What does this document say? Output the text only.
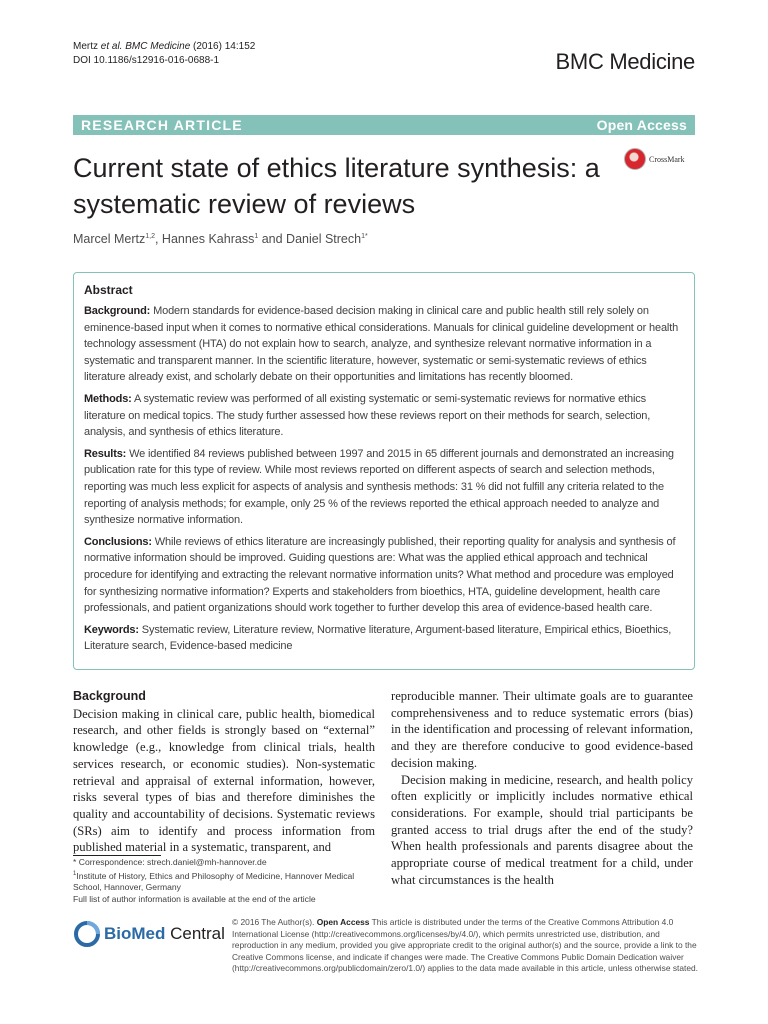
Mertz et al. BMC Medicine (2016) 14:152
DOI 10.1186/s12916-016-0688-1	BMC Medicine
RESEARCH ARTICLE	Open Access
Current state of ethics literature synthesis: a systematic review of reviews
CrossMark
Marcel Mertz$^{1,2}$, Hannes Kahrass$^1$ and Daniel Strech$^{1*}$
Abstract
Background: Modern standards for evidence-based decision making in clinical care and public health still rely solely on eminence-based input when it comes to normative ethical considerations. Manuals for clinical guideline development or health technology assessment (HTA) do not explain how to search, analyze, and synthesize relevant normative information in a systematic and transparent manner. In the scientific literature, however, systematic or semi-systematic reviews of ethics literature already exist, and scholarly debate on their opportunities and limitations has recently bloomed.
Methods: A systematic review was performed of all existing systematic or semi-systematic reviews for normative ethics literature on medical topics. The study further assessed how these reviews report on their methods for search, selection, analysis, and synthesis of ethics literature.
Results: We identified 84 reviews published between 1997 and 2015 in 65 different journals and demonstrated an increasing publication rate for this type of review. While most reviews reported on different aspects of search and selection methods, reporting was much less explicit for aspects of analysis and synthesis methods: 31 % did not fulfill any criteria related to the reporting of analysis methods; for example, only 25 % of the reviews reported the ethical approach needed to analyze and synthesize normative information.
Conclusions: While reviews of ethics literature are increasingly published, their reporting quality for analysis and synthesis of normative information should be improved. Guiding questions are: What was the applied ethical approach and technical procedure for identifying and extracting the relevant normative information units? What method and procedure was employed for synthesizing normative information? Experts and stakeholders from bioethics, HTA, guideline development, health care professionals, and patient organizations should work together to further develop this area of evidence-based health care.
Keywords: Systematic review, Literature review, Normative literature, Argument-based literature, Empirical ethics, Bioethics, Literature search, Evidence-based medicine
Background
Decision making in clinical care, public health, biomedical research, and other fields is strongly based on “external” knowledge (e.g., knowledge from clinical trials, health services research, or economic studies). Non-systematic retrieval and appraisal of external information, however, risks several types of bias and therefore diminishes the quality and accountability of decisions. Systematic reviews (SRs) aim to identify and process information from published material in a systematic, transparent, and
reproducible manner. Their ultimate goals are to guarantee comprehensiveness and to reduce systematic errors (bias) in the identification and processing of relevant information, and they are therefore conducive to good evidence-based decision making.
Decision making in medicine, research, and health policy often explicitly or implicitly includes normative ethical considerations. For example, should trial participants be granted access to trial drugs after the end of the study? When health professionals and parents disagree about the appropriate course of medical treatment for a child, under what circumstances is the health
* Correspondence: strech.daniel@mh-hannover.de
$^1$Institute of History, Ethics and Philosophy of Medicine, Hannover Medical School, Hannover, Germany
Full list of author information is available at the end of the article
BioMed Central
© 2016 The Author(s). Open Access This article is distributed under the terms of the Creative Commons Attribution 4.0 International License (http://creativecommons.org/licenses/by/4.0/), which permits unrestricted use, distribution, and reproduction in any medium, provided you give appropriate credit to the original author(s) and the source, provide a link to the Creative Commons license, and indicate if changes were made. The Creative Commons Public Domain Dedication waiver (http://creativecommons.org/publicdomain/zero/1.0/) applies to the data made available in this article, unless otherwise stated.
